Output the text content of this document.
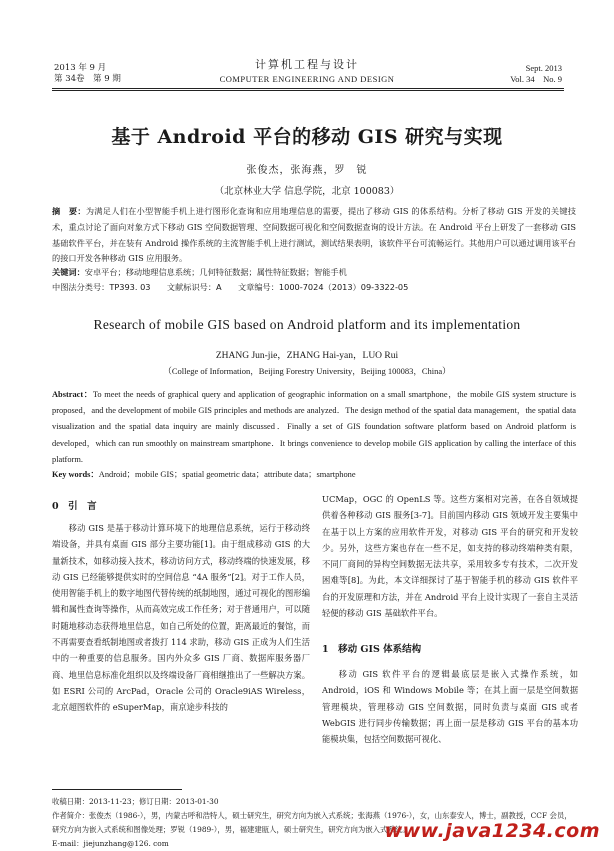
2013 年 9 月
第 34卷　第 9 期
计算机工程与设计
COMPUTER ENGINEERING AND DESIGN
Sept. 2013
Vol. 34　No. 9
基于 Android 平台的移动 GIS 研究与实现
张俊杰，张海燕，罗　锐
（北京林业大学 信息学院，北京 100083）
摘　要：为满足人们在小型智能手机上进行图形化查询和应用地理信息的需要，提出了移动 GIS 的体系结构。分析了移动 GIS 开发的关键技术，重点讨论了面向对象方式下移动 GIS 空间数据管理、空间数据可视化和空间数据查询的设计方法。在 Android 平台上研发了一套移动 GIS 基础软件平台，并在装有 Android 操作系统的主流智能手机上进行测试，测试结果表明，该软件平台可流畅运行。其他用户可以通过调用该平台的接口开发各种移动 GIS 应用服务。
关键词：安卓平台；移动地理信息系统；几何特征数据；属性特征数据；智能手机
中图法分类号：TP393. 03　　文献标识号：A　　文章编号：1000-7024（2013）09-3322-05
Research of mobile GIS based on Android platform and its implementation
ZHANG Jun-jie，ZHANG Hai-yan，LUO Rui
（College of Information，Beijing Forestry University，Beijing 100083，China）
Abstract：To meet the needs of graphical query and application of geographic information on a small smartphone，the mobile GIS system structure is proposed，and the development of mobile GIS principles and methods are analyzed．The design method of the spatial data management，the spatial data visualization and the spatial data inquiry are mainly discussed．Finally a set of GIS foundation software platform based on Android platform is developed，which can run smoothly on mainstream smartphone．It brings convenience to develop mobile GIS application by calling the interface of this platform.
Key words：Android；mobile GIS；spatial geometric data；attribute data；smartphone
0　引　言

移动 GIS 是基于移动计算环境下的地理信息系统，运行于移动终端设备，并具有桌面 GIS 部分主要功能[1]。由于组成移动 GIS 的大量新技术，如移动接入技术，移动访问方式，移动终端的快速发展，移动 GIS 已经能够提供实时的空间信息 “4A 服务”[2]。对于工作人员，使用智能手机上的数字地图代替传统的纸制地图，通过可视化的图形编辑和属性查询等操作，从而高效完成工作任务；对于普通用户，可以随时随地移动态获得地里信息，如自己所处的位置，距离最近的餐馆，而不再需要查看纸制地图或者拨打 114 求助，移动 GIS 正成为人们生活中的一种重要的信息服务。国内外众多 GIS 厂商、数据库服务器厂商、地里信息标准化组织以及终端设备厂商相继推出了一些解决方案。如 ESRI 公司的 ArcPad，Oracle 公司的 Oracle9iAS Wireless，北京超图软件的 eSuperMap，南京途步科技的

UCMap，OGC 的 OpenLS 等。这些方案相对完善，在各自领域提供着各种移动 GIS 服务[3-7]。目前国内移动 GIS 领域开发主要集中在基于以上方案的应用软件开发，对移动 GIS 平台的研究和开发较少。另外，这些方案也存在一些不足，如支持的移动终端种类有限，不同厂商间的异构空间数据无法共享，采用较多专有技术，二次开发困难等[8]。为此，本文详细探讨了基于智能手机的移动 GIS 软件平台的开发原理和方法，并在 Android 平台上设计实现了一套自主灵活轻便的移动 GIS 基础软件平台。

1　移动 GIS 体系结构

移动 GIS 软件平台的逻辑最底层是嵌入式操作系统，如 Android，iOS 和 Windows Mobile 等；在其上面一层是空间数据管理模块，管理移动 GIS 空间数据，同时负责与桌面 GIS 或者 WebGIS 进行同步传输数据；再上面一层是移动 GIS 平台的基本功能模块集，包括空间数据可视化、

收稿日期：2013-11-23；修订日期：2013-01-30
作者简介：张俊杰（1986-），男，内蒙古呼和浩特人，硕士研究生，研究方向为嵌入式系统；张海燕（1976-），女，山东泰安人，博士，副教授，CCF 会员，研究方向为嵌入式系统和图像处理；罗锐（1989-），男，福建建瓯人，硕士研究生，研究方向为嵌入式系统。
E-mail：jiejunzhang@126. com
www.java1234.com
